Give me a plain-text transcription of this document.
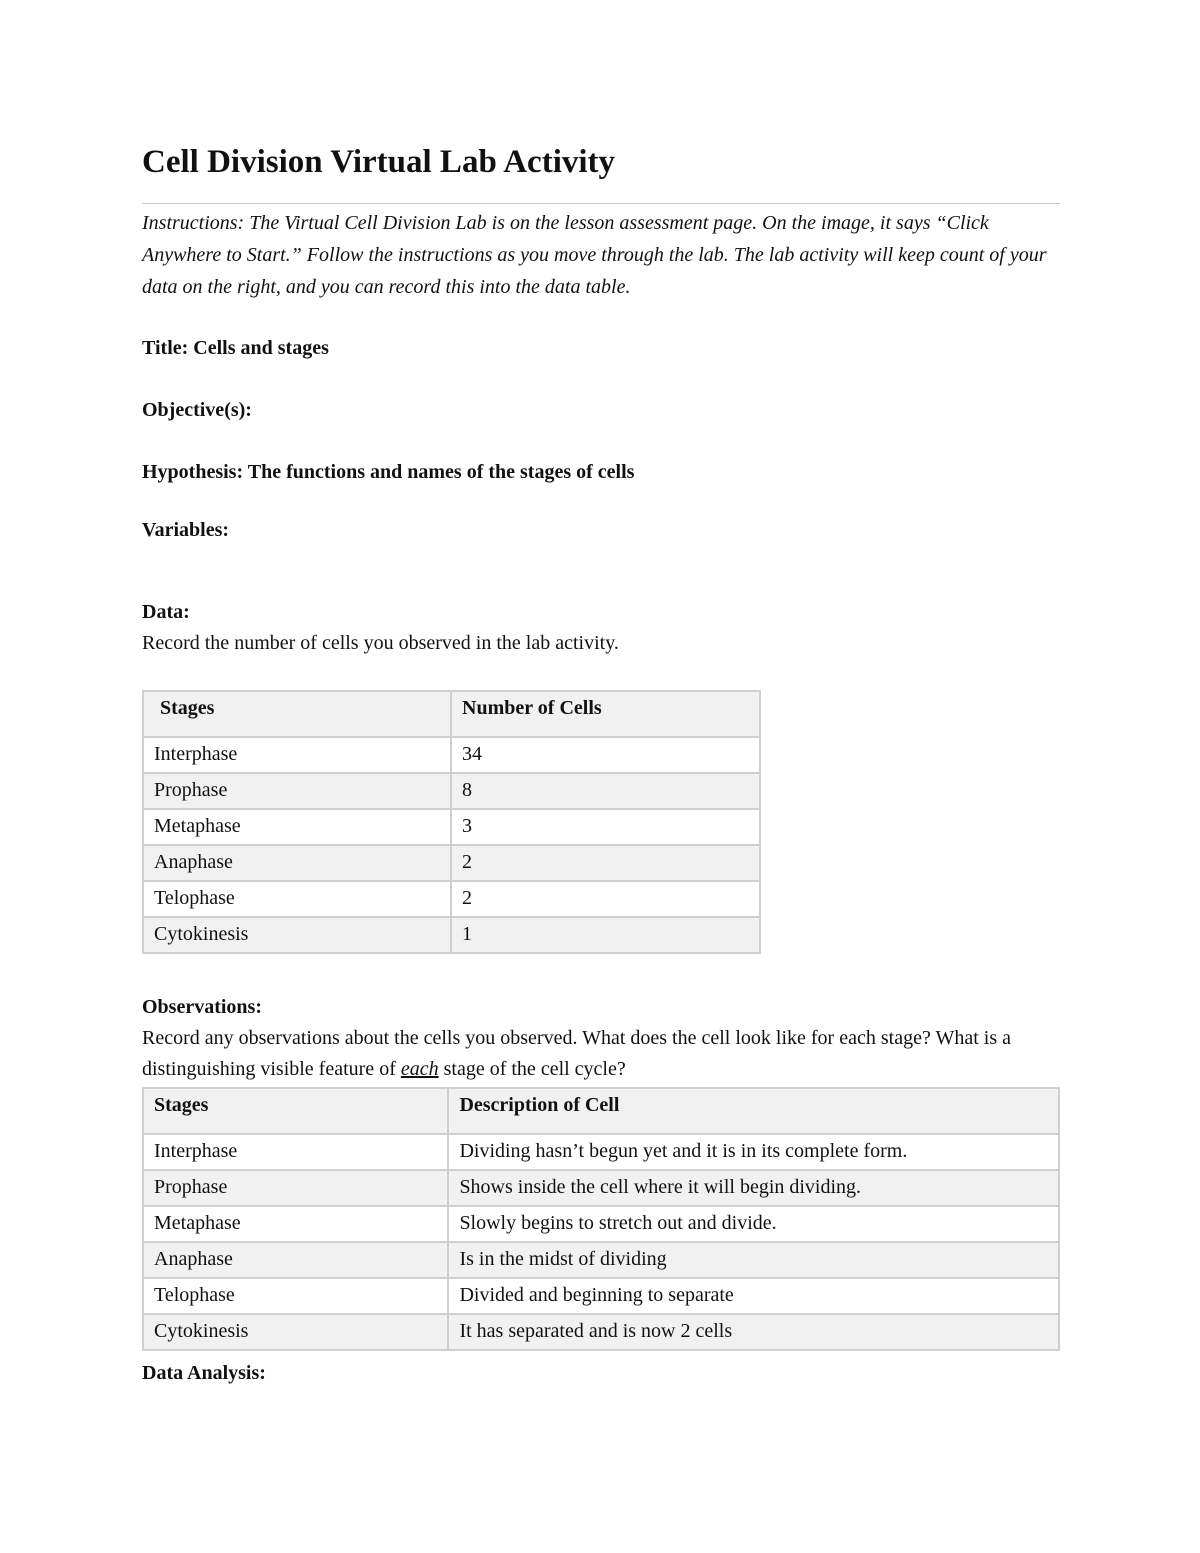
Cell Division Virtual Lab Activity

Instructions: The Virtual Cell Division Lab is on the lesson assessment page. On the image, it says “Click Anywhere to Start.” Follow the instructions as you move through the lab. The lab activity will keep count of your data on the right, and you can record this into the data table.

Title: Cells and stages

Objective(s):

Hypothesis: The functions and names of the stages of cells

Variables:

Data:

Record the number of cells you observed in the lab activity.

Stages	Number of Cells
Interphase	34
Prophase	8
Metaphase	3
Anaphase	2
Telophase	2
Cytokinesis	1

Observations:

Record any observations about the cells you observed. What does the cell look like for each stage? What is a distinguishing visible feature of each stage of the cell cycle?

Stages	Description of Cell
Interphase	Dividing hasn’t begun yet and it is in its complete form.
Prophase	Shows inside the cell where it will begin dividing.
Metaphase	Slowly begins to stretch out and divide.
Anaphase	Is in the midst of dividing
Telophase	Divided and beginning to separate
Cytokinesis	It has separated and is now 2 cells

Data Analysis:
